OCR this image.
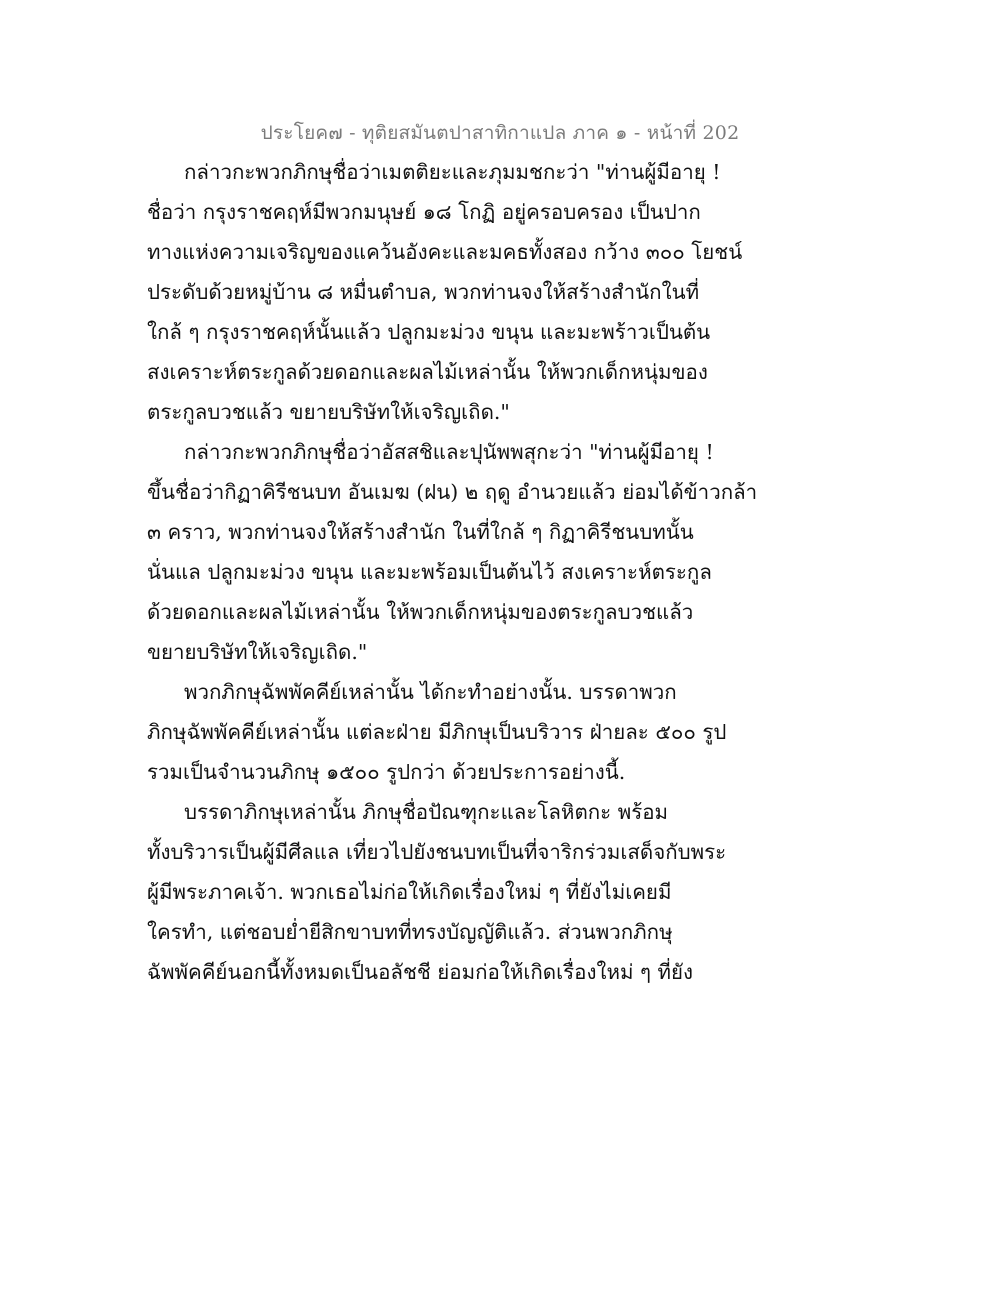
ประโยค๗ - ทุติยสมันตปาสาทิกาแปล ภาค ๑ - หน้าที่ 202
กล่าวกะพวกภิกษุชื่อว่าเมตติยะและภุมมชกะว่า "ท่านผู้มีอายุ !
ชื่อว่า กรุงราชคฤห์มีพวกมนุษย์ ๑๘ โกฏิ อยู่ครอบครอง เป็นปาก
ทางแห่งความเจริญของแคว้นอังคะและมคธทั้งสอง กว้าง ๓๐๐ โยชน์
ประดับด้วยหมู่บ้าน ๘ หมื่นตำบล, พวกท่านจงให้สร้างสำนักในที่
ใกล้ ๆ กรุงราชคฤห์นั้นแล้ว ปลูกมะม่วง ขนุน และมะพร้าวเป็นต้น
สงเคราะห์ตระกูลด้วยดอกและผลไม้เหล่านั้น ให้พวกเด็กหนุ่มของ
ตระกูลบวชแล้ว ขยายบริษัทให้เจริญเถิด."
กล่าวกะพวกภิกษุชื่อว่าอัสสชิและปุนัพพสุกะว่า "ท่านผู้มีอายุ !
ขึ้นชื่อว่ากิฏาคิรีชนบท อันเมฆ (ฝน) ๒ ฤดู อำนวยแล้ว ย่อมได้ข้าวกล้า
๓ คราว, พวกท่านจงให้สร้างสำนัก ในที่ใกล้ ๆ กิฏาคิรีชนบทนั้น
นั่นแล ปลูกมะม่วง ขนุน และมะพร้อมเป็นต้นไว้ สงเคราะห์ตระกูล
ด้วยดอกและผลไม้เหล่านั้น ให้พวกเด็กหนุ่มของตระกูลบวชแล้ว
ขยายบริษัทให้เจริญเถิด."
พวกภิกษุฉัพพัคคีย์เหล่านั้น ได้กะทำอย่างนั้น. บรรดาพวก
ภิกษุฉัพพัคคีย์เหล่านั้น แต่ละฝ่าย มีภิกษุเป็นบริวาร ฝ่ายละ ๕๐๐ รูป
รวมเป็นจำนวนภิกษุ ๑๕๐๐ รูปกว่า ด้วยประการอย่างนี้.
บรรดาภิกษุเหล่านั้น ภิกษุชื่อปัณฑุกะและโลหิตกะ พร้อม
ทั้งบริวารเป็นผู้มีศีลแล เที่ยวไปยังชนบทเป็นที่จาริกร่วมเสด็จกับพระ
ผู้มีพระภาคเจ้า. พวกเธอไม่ก่อให้เกิดเรื่องใหม่ ๆ ที่ยังไม่เคยมี
ใครทำ, แต่ชอบย่ำยีสิกขาบทที่ทรงบัญญัติแล้ว. ส่วนพวกภิกษุ
ฉัพพัคคีย์นอกนี้ทั้งหมดเป็นอลัชชี ย่อมก่อให้เกิดเรื่องใหม่ ๆ ที่ยัง
